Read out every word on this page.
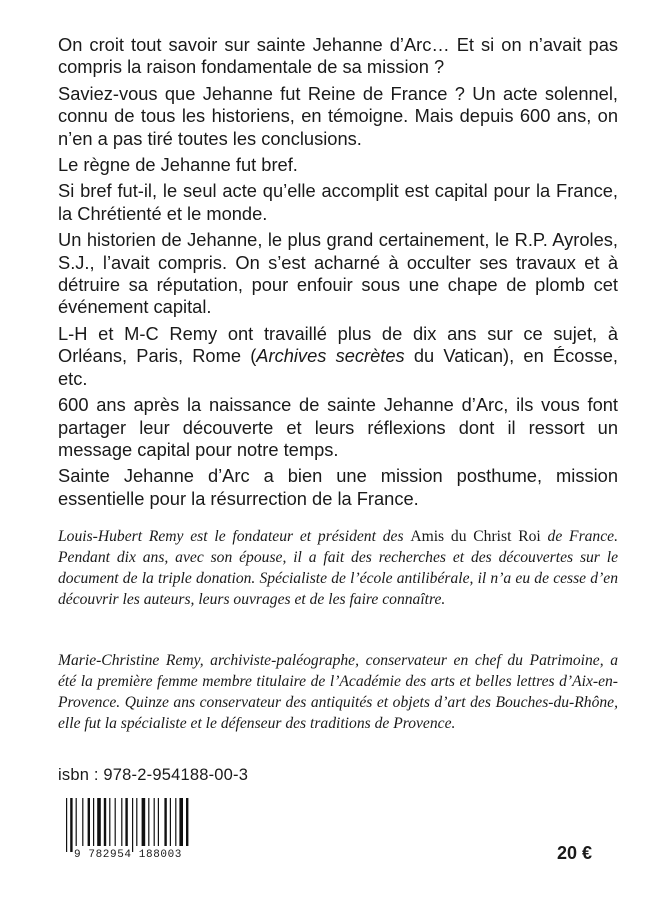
On croit tout savoir sur sainte Jehanne d’Arc… Et si on n’avait pas compris la raison fondamentale de sa mission ?

Saviez-vous que Jehanne fut Reine de France ? Un acte solennel, connu de tous les historiens, en témoigne. Mais depuis 600 ans, on n’en a pas tiré toutes les conclusions.

Le règne de Jehanne fut bref.

Si bref fut-il, le seul acte qu’elle accomplit est capital pour la France, la Chrétienté et le monde.

Un historien de Jehanne, le plus grand certainement, le R.P. Ayroles, S.J., l’avait compris. On s’est acharné à occulter ses travaux et à détruire sa réputation, pour enfouir sous une chape de plomb cet événement capital.

L-H et M-C Remy ont travaillé plus de dix ans sur ce sujet, à Orléans, Paris, Rome (Archives secrètes du Vatican), en Écosse, etc.

600 ans après la naissance de sainte Jehanne d’Arc, ils vous font partager leur découverte et leurs réflexions dont il ressort un message capital pour notre temps.

Sainte Jehanne d’Arc a bien une mission posthume, mission essentielle pour la résurrection de la France.

Louis-Hubert Remy est le fondateur et président des Amis du Christ Roi de France. Pendant dix ans, avec son épouse, il a fait des recherches et des découvertes sur le document de la triple donation. Spécialiste de l’école antilibérale, il n’a eu de cesse d’en découvrir les auteurs, leurs ouvrages et de les faire connaître.

Marie-Christine Remy, archiviste-paléographe, conservateur en chef du Patrimoine, a été la première femme membre titulaire de l’Académie des arts et belles lettres d’Aix-en-Provence. Quinze ans conservateur des antiquités et objets d’art des Bouches-du-Rhône, elle fut la spécialiste et le défenseur des traditions de Provence.

isbn : 978-2-954188-00-3
9 782954 188003	20 €
